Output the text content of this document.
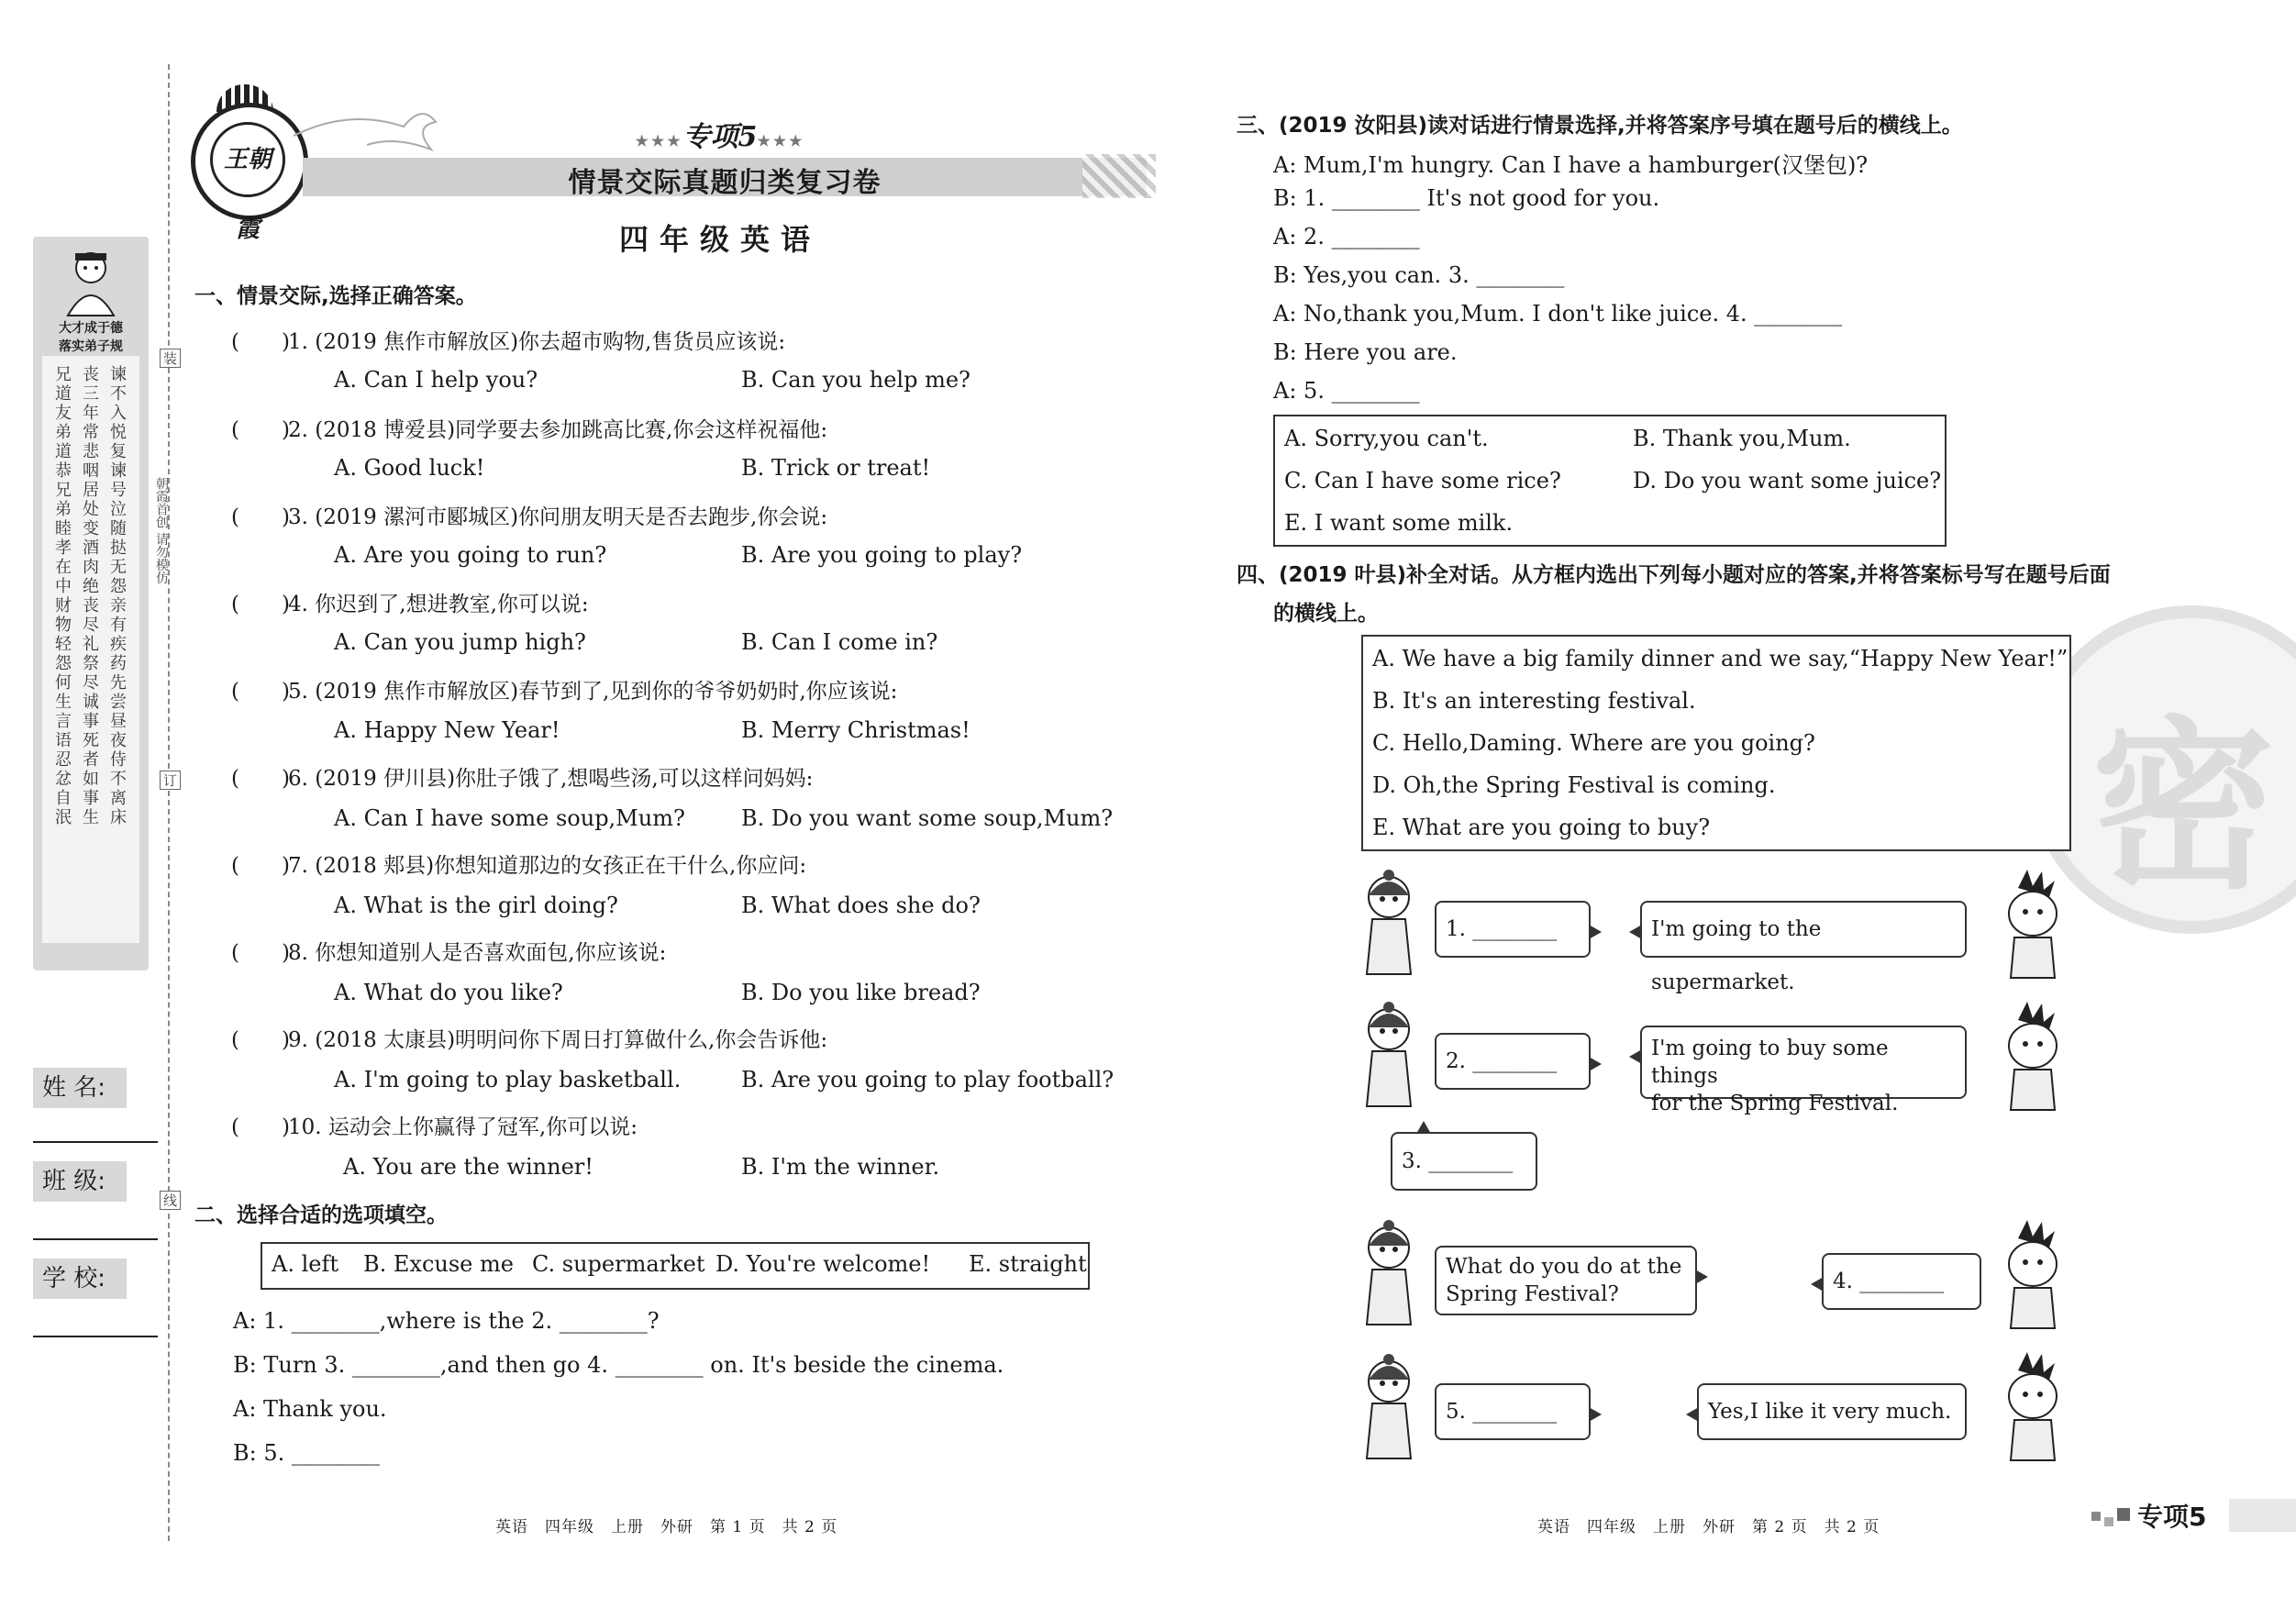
大才成于德
落实弟子规
兄道友弟道恭兄弟睦孝在中财物轻怨何生言语忍忿自泯
丧三年常悲咽居处变酒肉绝丧尽礼祭尽诚事死者如事生
谏不入悦复谏号泣随挞无怨亲有疾药先尝昼夜侍不离床
装
朝霞首创 请勿模仿
订
线
姓 名:
班 级:
学 校:
王朝霞
★★★专项5★★★
情景交际真题归类复习卷
四年级英语
一、情景交际,选择正确答案。
(　　)1. (2019 焦作市解放区)你去超市购物,售货员应该说:
A. Can I help you?	B. Can you help me?
(　　)2. (2018 博爱县)同学要去参加跳高比赛,你会这样祝福他:
A. Good luck!	B. Trick or treat!
(　　)3. (2019 漯河市郾城区)你问朋友明天是否去跑步,你会说:
A. Are you going to run?	B. Are you going to play?
(　　)4. 你迟到了,想进教室,你可以说:
A. Can you jump high?	B. Can I come in?
(　　)5. (2019 焦作市解放区)春节到了,见到你的爷爷奶奶时,你应该说:
A. Happy New Year!	B. Merry Christmas!
(　　)6. (2019 伊川县)你肚子饿了,想喝些汤,可以这样问妈妈:
A. Can I have some soup,Mum?	B. Do you want some soup,Mum?
(　　)7. (2018 郏县)你想知道那边的女孩正在干什么,你应问:
A. What is the girl doing?	B. What does she do?
(　　)8. 你想知道别人是否喜欢面包,你应该说:
A. What do you like?	B. Do you like bread?
(　　)9. (2018 太康县)明明问你下周日打算做什么,你会告诉他:
A. I'm going to play basketball.	B. Are you going to play football?
(　　)10. 运动会上你赢得了冠军,你可以说:
A. You are the winner!	B. I'm the winner.
二、选择合适的选项填空。
A. left B. Excuse me C. supermarket D. You're welcome! E. straight
A: 1. ________,where is the 2. ________?
B: Turn 3. ________,and then go 4. ________ on. It's beside the cinema.
A: Thank you.
B: 5. ________
英语　四年级　上册　外研　第 1 页　共 2 页
密
三、(2019 汝阳县)读对话进行情景选择,并将答案序号填在题号后的横线上。
A: Mum,I'm hungry. Can I have a hamburger(汉堡包)?
B: 1. ________ It's not good for you.
A: 2. ________
B: Yes,you can. 3. ________
A: No,thank you,Mum. I don't like juice. 4. ________
B: Here you are.
A: 5. ________
A. Sorry,you can't.	B. Thank you,Mum.
C. Can I have some rice?	D. Do you want some juice?
E. I want some milk.
四、(2019 叶县)补全对话。从方框内选出下列每小题对应的答案,并将答案标号写在题号后面
的横线上。
A. We have a big family dinner and we say,“Happy New Year!”
B. It's an interesting festival.
C. Hello,Daming. Where are you going?
D. Oh,the Spring Festival is coming.
E. What are you going to buy?
1. ________	I'm going to the supermarket.
2. ________
I'm going to buy some things
for the Spring Festival.
3. ________
What do you do at the
Spring Festival?
4. ________
5. ________	Yes,I like it very much.
英语　四年级　上册　外研　第 2 页　共 2 页	专项5
